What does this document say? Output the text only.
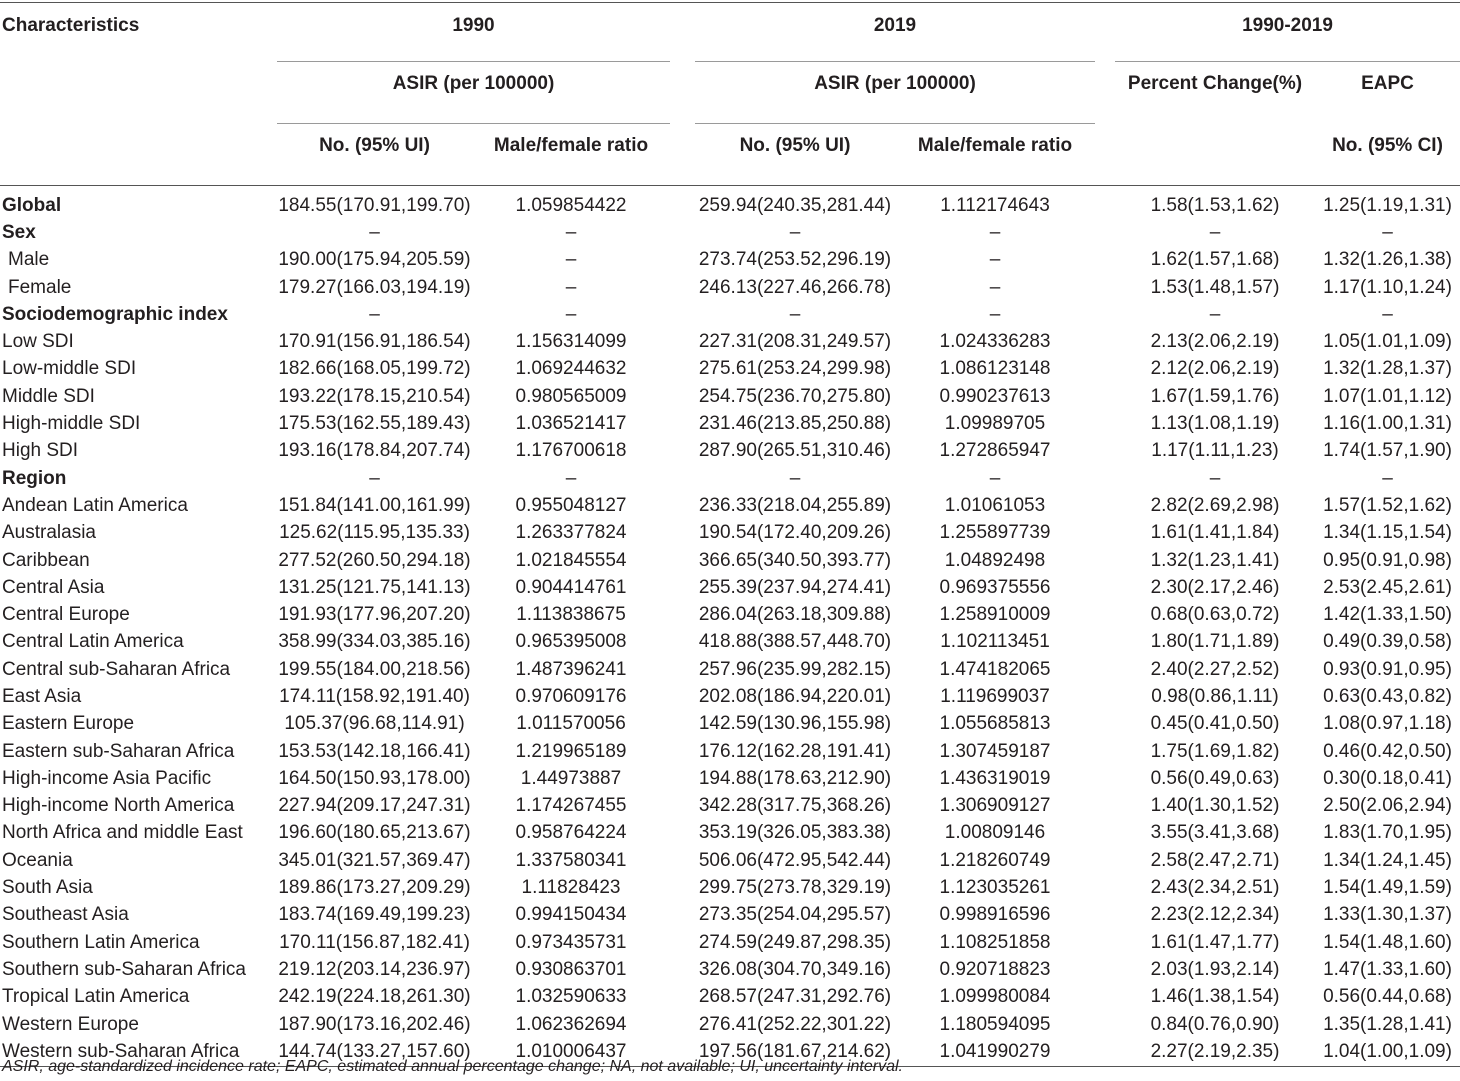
Characteristics		1990			2019			1990-2019	
		ASIR (per 100000)			ASIR (per 100000)			Percent Change(%)	EAPC
		No. (95% UI)	Male/female ratio		No. (95% UI)	Male/female ratio			No. (95% CI)
Global		184.55(170.91,199.70)	1.059854422		259.94(240.35,281.44)	1.112174643		1.58(1.53,1.62)	1.25(1.19,1.31)
Sex		–	–		–	–		–	–
Male		190.00(175.94,205.59)	–		273.74(253.52,296.19)	–		1.62(1.57,1.68)	1.32(1.26,1.38)
Female		179.27(166.03,194.19)	–		246.13(227.46,266.78)	–		1.53(1.48,1.57)	1.17(1.10,1.24)
Sociodemographic index		–	–		–	–		–	–
Low SDI		170.91(156.91,186.54)	1.156314099		227.31(208.31,249.57)	1.024336283		2.13(2.06,2.19)	1.05(1.01,1.09)
Low-middle SDI		182.66(168.05,199.72)	1.069244632		275.61(253.24,299.98)	1.086123148		2.12(2.06,2.19)	1.32(1.28,1.37)
Middle SDI		193.22(178.15,210.54)	0.980565009		254.75(236.70,275.80)	0.990237613		1.67(1.59,1.76)	1.07(1.01,1.12)
High-middle SDI		175.53(162.55,189.43)	1.036521417		231.46(213.85,250.88)	1.09989705		1.13(1.08,1.19)	1.16(1.00,1.31)
High SDI		193.16(178.84,207.74)	1.176700618		287.90(265.51,310.46)	1.272865947		1.17(1.11,1.23)	1.74(1.57,1.90)
Region		–	–		–	–		–	–
Andean Latin America		151.84(141.00,161.99)	0.955048127		236.33(218.04,255.89)	1.01061053		2.82(2.69,2.98)	1.57(1.52,1.62)
Australasia		125.62(115.95,135.33)	1.263377824		190.54(172.40,209.26)	1.255897739		1.61(1.41,1.84)	1.34(1.15,1.54)
Caribbean		277.52(260.50,294.18)	1.021845554		366.65(340.50,393.77)	1.04892498		1.32(1.23,1.41)	0.95(0.91,0.98)
Central Asia		131.25(121.75,141.13)	0.904414761		255.39(237.94,274.41)	0.969375556		2.30(2.17,2.46)	2.53(2.45,2.61)
Central Europe		191.93(177.96,207.20)	1.113838675		286.04(263.18,309.88)	1.258910009		0.68(0.63,0.72)	1.42(1.33,1.50)
Central Latin America		358.99(334.03,385.16)	0.965395008		418.88(388.57,448.70)	1.102113451		1.80(1.71,1.89)	0.49(0.39,0.58)
Central sub-Saharan Africa		199.55(184.00,218.56)	1.487396241		257.96(235.99,282.15)	1.474182065		2.40(2.27,2.52)	0.93(0.91,0.95)
East Asia		174.11(158.92,191.40)	0.970609176		202.08(186.94,220.01)	1.119699037		0.98(0.86,1.11)	0.63(0.43,0.82)
Eastern Europe		105.37(96.68,114.91)	1.011570056		142.59(130.96,155.98)	1.055685813		0.45(0.41,0.50)	1.08(0.97,1.18)
Eastern sub-Saharan Africa		153.53(142.18,166.41)	1.219965189		176.12(162.28,191.41)	1.307459187		1.75(1.69,1.82)	0.46(0.42,0.50)
High-income Asia Pacific		164.50(150.93,178.00)	1.44973887		194.88(178.63,212.90)	1.436319019		0.56(0.49,0.63)	0.30(0.18,0.41)
High-income North America		227.94(209.17,247.31)	1.174267455		342.28(317.75,368.26)	1.306909127		1.40(1.30,1.52)	2.50(2.06,2.94)
North Africa and middle East		196.60(180.65,213.67)	0.958764224		353.19(326.05,383.38)	1.00809146		3.55(3.41,3.68)	1.83(1.70,1.95)
Oceania		345.01(321.57,369.47)	1.337580341		506.06(472.95,542.44)	1.218260749		2.58(2.47,2.71)	1.34(1.24,1.45)
South Asia		189.86(173.27,209.29)	1.11828423		299.75(273.78,329.19)	1.123035261		2.43(2.34,2.51)	1.54(1.49,1.59)
Southeast Asia		183.74(169.49,199.23)	0.994150434		273.35(254.04,295.57)	0.998916596		2.23(2.12,2.34)	1.33(1.30,1.37)
Southern Latin America		170.11(156.87,182.41)	0.973435731		274.59(249.87,298.35)	1.108251858		1.61(1.47,1.77)	1.54(1.48,1.60)
Southern sub-Saharan Africa		219.12(203.14,236.97)	0.930863701		326.08(304.70,349.16)	0.920718823		2.03(1.93,2.14)	1.47(1.33,1.60)
Tropical Latin America		242.19(224.18,261.30)	1.032590633		268.57(247.31,292.76)	1.099980084		1.46(1.38,1.54)	0.56(0.44,0.68)
Western Europe		187.90(173.16,202.46)	1.062362694		276.41(252.22,301.22)	1.180594095		0.84(0.76,0.90)	1.35(1.28,1.41)
Western sub-Saharan Africa		144.74(133.27,157.60)	1.010006437		197.56(181.67,214.62)	1.041990279		2.27(2.19,2.35)	1.04(1.00,1.09)

ASIR, age-standardized incidence rate; EAPC, estimated annual percentage change; NA, not available; UI, uncertainty interval.
